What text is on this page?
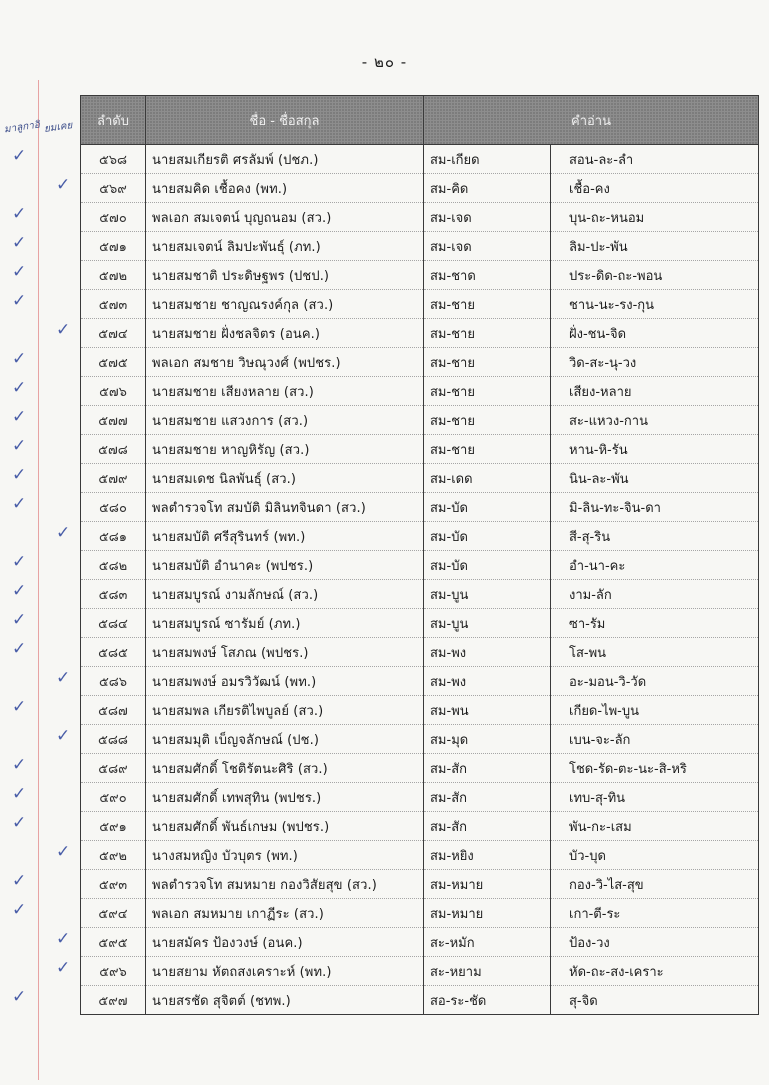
- ๒๐ -
มาลูกาอิ ยมเคย
✓
✓
✓
✓
✓
✓
✓
✓
✓
✓
✓
✓
✓
✓
✓
✓
✓
✓
✓
✓
✓
✓
✓
✓
✓
✓
✓
✓
✓
✓
ลำดับ	ชื่อ - ชื่อสกุล	คำอ่าน	
๕๖๘	นายสมเกียรติ ศรลัมพ์ (ปชภ.)	สม-เกียด	สอน-ละ-ลำ
๕๖๙	นายสมคิด เชื้อคง (พท.)	สม-คิด	เชื้อ-คง
๕๗๐	พลเอก สมเจตน์ บุญถนอม (สว.)	สม-เจด	บุน-ถะ-หนอม
๕๗๑	นายสมเจตน์ ลิมปะพันธุ์ (ภท.)	สม-เจด	ลิม-ปะ-พัน
๕๗๒	นายสมชาติ ประดิษฐพร (ปชป.)	สม-ชาด	ประ-ดิด-ถะ-พอน
๕๗๓	นายสมชาย ชาญณรงค์กุล (สว.)	สม-ชาย	ชาน-นะ-รง-กุน
๕๗๔	นายสมชาย ฝั่งชลจิตร (อนค.)	สม-ชาย	ฝั่ง-ชน-จิด
๕๗๕	พลเอก สมชาย วิษณุวงศ์ (พปชร.)	สม-ชาย	วิด-สะ-นุ-วง
๕๗๖	นายสมชาย เสียงหลาย (สว.)	สม-ชาย	เสียง-หลาย
๕๗๗	นายสมชาย แสวงการ (สว.)	สม-ชาย	สะ-แหวง-กาน
๕๗๘	นายสมชาย หาญหิรัญ (สว.)	สม-ชาย	หาน-หิ-รัน
๕๗๙	นายสมเดช นิลพันธุ์ (สว.)	สม-เดด	นิน-ละ-พัน
๕๘๐	พลตำรวจโท สมบัติ มิลินทจินดา (สว.)	สม-บัด	มิ-ลิน-ทะ-จิน-ดา
๕๘๑	นายสมบัติ ศรีสุรินทร์ (พท.)	สม-บัด	สี-สุ-ริน
๕๘๒	นายสมบัติ อำนาคะ (พปชร.)	สม-บัด	อำ-นา-คะ
๕๘๓	นายสมบูรณ์ งามลักษณ์ (สว.)	สม-บูน	งาม-ลัก
๕๘๔	นายสมบูรณ์ ซารัมย์ (ภท.)	สม-บูน	ซา-รัม
๕๘๕	นายสมพงษ์ โสภณ (พปชร.)	สม-พง	โส-พน
๕๘๖	นายสมพงษ์ อมรวิวัฒน์ (พท.)	สม-พง	อะ-มอน-วิ-วัด
๕๘๗	นายสมพล เกียรติไพบูลย์ (สว.)	สม-พน	เกียด-ไพ-บูน
๕๘๘	นายสมมุติ เบ็ญจลักษณ์ (ปช.)	สม-มุด	เบน-จะ-ลัก
๕๘๙	นายสมศักดิ์ โชติรัตนะศิริ (สว.)	สม-สัก	โชด-รัด-ตะ-นะ-สิ-หริ
๕๙๐	นายสมศักดิ์ เทพสุทิน (พปชร.)	สม-สัก	เทบ-สุ-ทิน
๕๙๑	นายสมศักดิ์ พันธ์เกษม (พปชร.)	สม-สัก	พัน-กะ-เสม
๕๙๒	นางสมหญิง บัวบุตร (พท.)	สม-หยิง	บัว-บุด
๕๙๓	พลตำรวจโท สมหมาย กองวิสัยสุข (สว.)	สม-หมาย	กอง-วิ-ไส-สุข
๕๙๔	พลเอก สมหมาย เกาฏีระ (สว.)	สม-หมาย	เกา-ตี-ระ
๕๙๕	นายสมัคร ป้องวงษ์ (อนค.)	สะ-หมัก	ป้อง-วง
๕๙๖	นายสยาม หัตถสงเคราะห์ (พท.)	สะ-หยาม	หัด-ถะ-สง-เคราะ
๕๙๗	นายสรชัด สุจิตต์ (ชทพ.)	สอ-ระ-ชัด	สุ-จิด
